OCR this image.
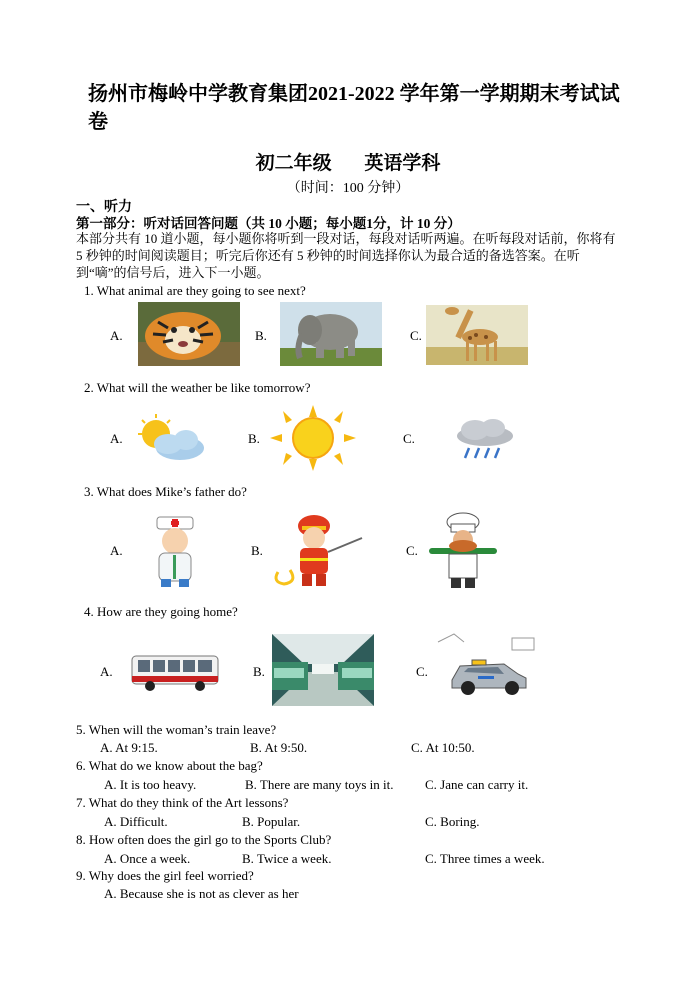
扬州市梅岭中学教育集团2021-2022 学年第一学期期末考试试卷
初二年级 英语学科
（时间：100 分钟）
一、听力
第一部分：听对话回答问题（共 10 小题；每小题1分，计 10 分）
本部分共有 10 道小题，每小题你将听到一段对话，每段对话听两遍。在听每段对话前，你将有 5 秒钟的时间阅读题目；听完后你还有 5 秒钟的时间选择你认为最合适的备选答案。在听到“嘀”的信号后，进入下一小题。
1. What animal are they going to see next?
A.	B.	C.
2. What will the weather be like tomorrow?
A.	B.	C.
3. What does Mike’s father do?
A.	B.	C.
4. How are they going home?
A.	B.	C.
5. When will the woman’s train leave?
A. At 9:15.	B. At 9:50.	C. At 10:50.
6. What do we know about the bag?
A. It is too heavy.	B. There are many toys in it. C. Jane can carry it.
7. What do they think of the Art lessons?
A. Difficult.	B. Popular.	C. Boring.
8. How often does the girl go to the Sports Club?
A. Once a week.	B. Twice a week.	C. Three times a week.
9. Why does the girl feel worried?
A. Because she is not as clever as her
